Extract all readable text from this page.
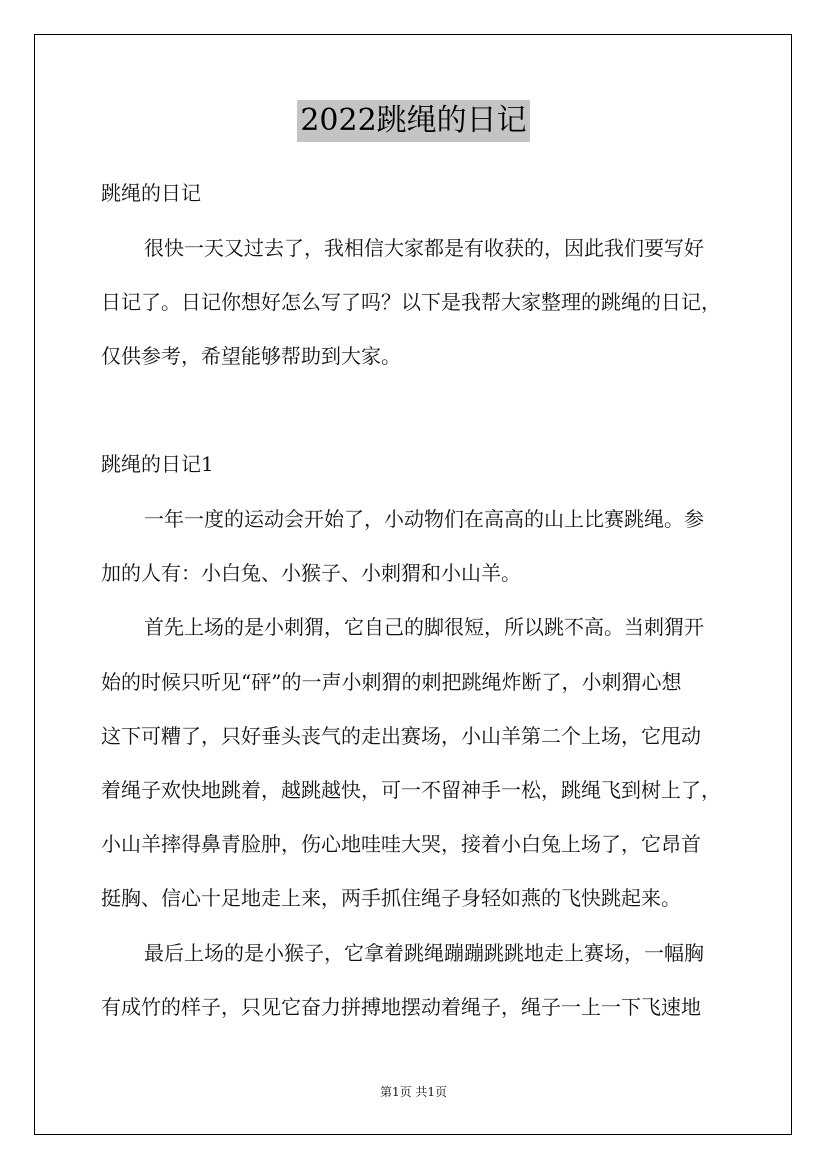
2022跳绳的日记
跳绳的日记
很快一天又过去了，我相信大家都是有收获的，因此我们要写好
日记了。日记你想好怎么写了吗？以下是我帮大家整理的跳绳的日记，
仅供参考，希望能够帮助到大家。
跳绳的日记1
一年一度的运动会开始了，小动物们在高高的山上比赛跳绳。参
加的人有：小白兔、小猴子、小刺猬和小山羊。
首先上场的是小刺猬，它自己的脚很短，所以跳不高。当刺猬开
始的时候只听见“砰”的一声小刺猬的刺把跳绳炸断了，小刺猬心想
这下可糟了，只好垂头丧气的走出赛场，小山羊第二个上场，它甩动
着绳子欢快地跳着，越跳越快，可一不留神手一松，跳绳飞到树上了，
小山羊摔得鼻青脸肿，伤心地哇哇大哭，接着小白兔上场了，它昂首
挺胸、信心十足地走上来，两手抓住绳子身轻如燕的飞快跳起来。
最后上场的是小猴子，它拿着跳绳蹦蹦跳跳地走上赛场，一幅胸
有成竹的样子，只见它奋力拼搏地摆动着绳子，绳子一上一下飞速地
第1页 共1页
